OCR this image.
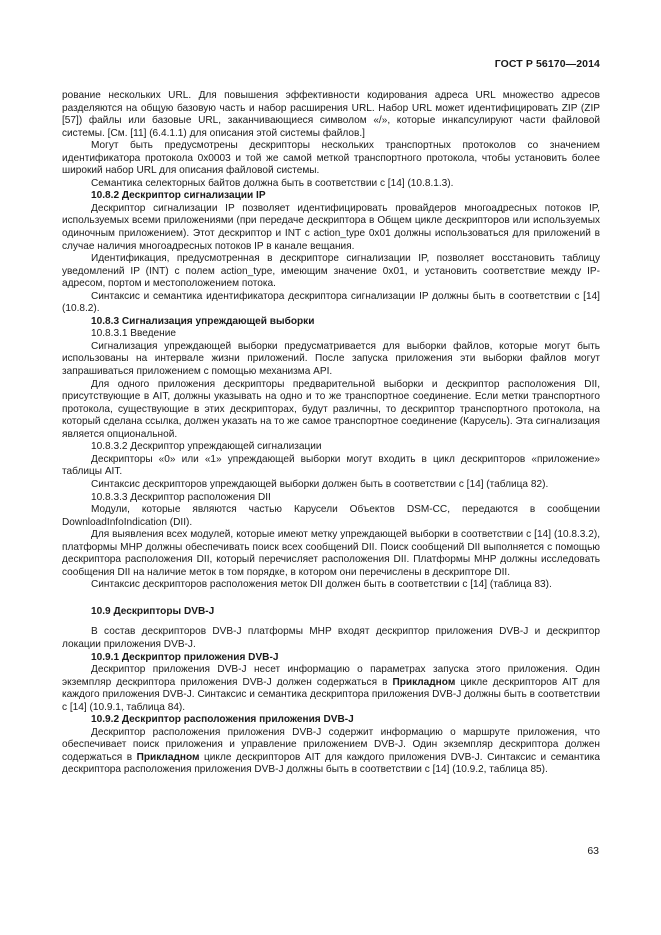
ГОСТ Р 56170—2014

рование нескольких URL. Для повышения эффективности кодирования адреса URL множество адресов разделяются на общую базовую часть и набор расширения URL. Набор URL может идентифицировать ZIP (ZIP [57]) файлы или базовые URL, заканчивающиеся символом «/», которые инкапсулируют части файловой системы. [См. [11] (6.4.1.1) для описания этой системы файлов.]

Могут быть предусмотрены дескрипторы нескольких транспортных протоколов со значением идентификатора протокола 0x0003 и той же самой меткой транспортного протокола, чтобы установить более широкий набор URL для описания файловой системы.

Семантика селекторных байтов должна быть в соответствии с [14] (10.8.1.3).

10.8.2 Дескриптор сигнализации IP

Дескриптор сигнализации IP позволяет идентифицировать провайдеров многоадресных потоков IP, используемых всеми приложениями (при передаче дескриптора в Общем цикле дескрипторов или используемых одиночным приложением). Этот дескриптор и INT с action_type 0x01 должны использоваться для приложений в случае наличия многоадресных потоков IP в канале вещания.

Идентификация, предусмотренная в дескрипторе сигнализации IP, позволяет восстановить таблицу уведомлений IP (INT) с полем action_type, имеющим значение 0x01, и установить соответствие между IP-адресом, портом и местоположением потока.

Синтаксис и семантика идентификатора дескриптора сигнализации IP должны быть в соответствии с [14] (10.8.2).

10.8.3 Сигнализация упреждающей выборки

10.8.3.1 Введение

Сигнализация упреждающей выборки предусматривается для выборки файлов, которые могут быть использованы на интервале жизни приложений. После запуска приложения эти выборки файлов могут запрашиваться приложением с помощью механизма API.

Для одного приложения дескрипторы предварительной выборки и дескриптор расположения DII, присутствующие в AIT, должны указывать на одно и то же транспортное соединение. Если метки транспортного протокола, существующие в этих дескрипторах, будут различны, то дескриптор транспортного протокола, на который сделана ссылка, должен указать на то же самое транспортное соединение (Карусель). Эта сигнализация является опциональной.

10.8.3.2 Дескриптор упреждающей сигнализации

Дескрипторы «0» или «1» упреждающей выборки могут входить в цикл дескрипторов «приложение» таблицы AIT.

Синтаксис дескрипторов упреждающей выборки должен быть в соответствии с [14] (таблица 82).

10.8.3.3 Дескриптор расположения DII

Модули, которые являются частью Карусели Объектов DSM-CC, передаются в сообщении DownloadInfoIndication (DII).

Для выявления всех модулей, которые имеют метку упреждающей выборки в соответствии с [14] (10.8.3.2), платформы MHP должны обеспечивать поиск всех сообщений DII. Поиск сообщений DII выполняется с помощью дескриптора расположения DII, который перечисляет расположения DII. Платформы MHP должны исследовать сообщения DII на наличие меток в том порядке, в котором они перечислены в дескрипторе DII.

Синтаксис дескрипторов расположения меток DII должен быть в соответствии с [14] (таблица 83).

10.9 Дескрипторы DVB-J

В состав дескрипторов DVB-J платформы MHP входят дескриптор приложения DVB-J и дескриптор локации приложения DVB-J.

10.9.1 Дескриптор приложения DVB-J

Дескриптор приложения DVB-J несет информацию о параметрах запуска этого приложения. Один экземпляр дескриптора приложения DVB-J должен содержаться в Прикладном цикле дескрипторов AIT для каждого приложения DVB-J. Синтаксис и семантика дескриптора приложения DVB-J должны быть в соответствии с [14] (10.9.1, таблица 84).

10.9.2 Дескриптор расположения приложения DVB-J

Дескриптор расположения приложения DVB-J содержит информацию о маршруте приложения, что обеспечивает поиск приложения и управление приложением DVB-J. Один экземпляр дескриптора должен содержаться в Прикладном цикле дескрипторов AIT для каждого приложения DVB-J. Синтаксис и семантика дескриптора расположения приложения DVB-J должны быть в соответствии с [14] (10.9.2, таблица 85).

63
